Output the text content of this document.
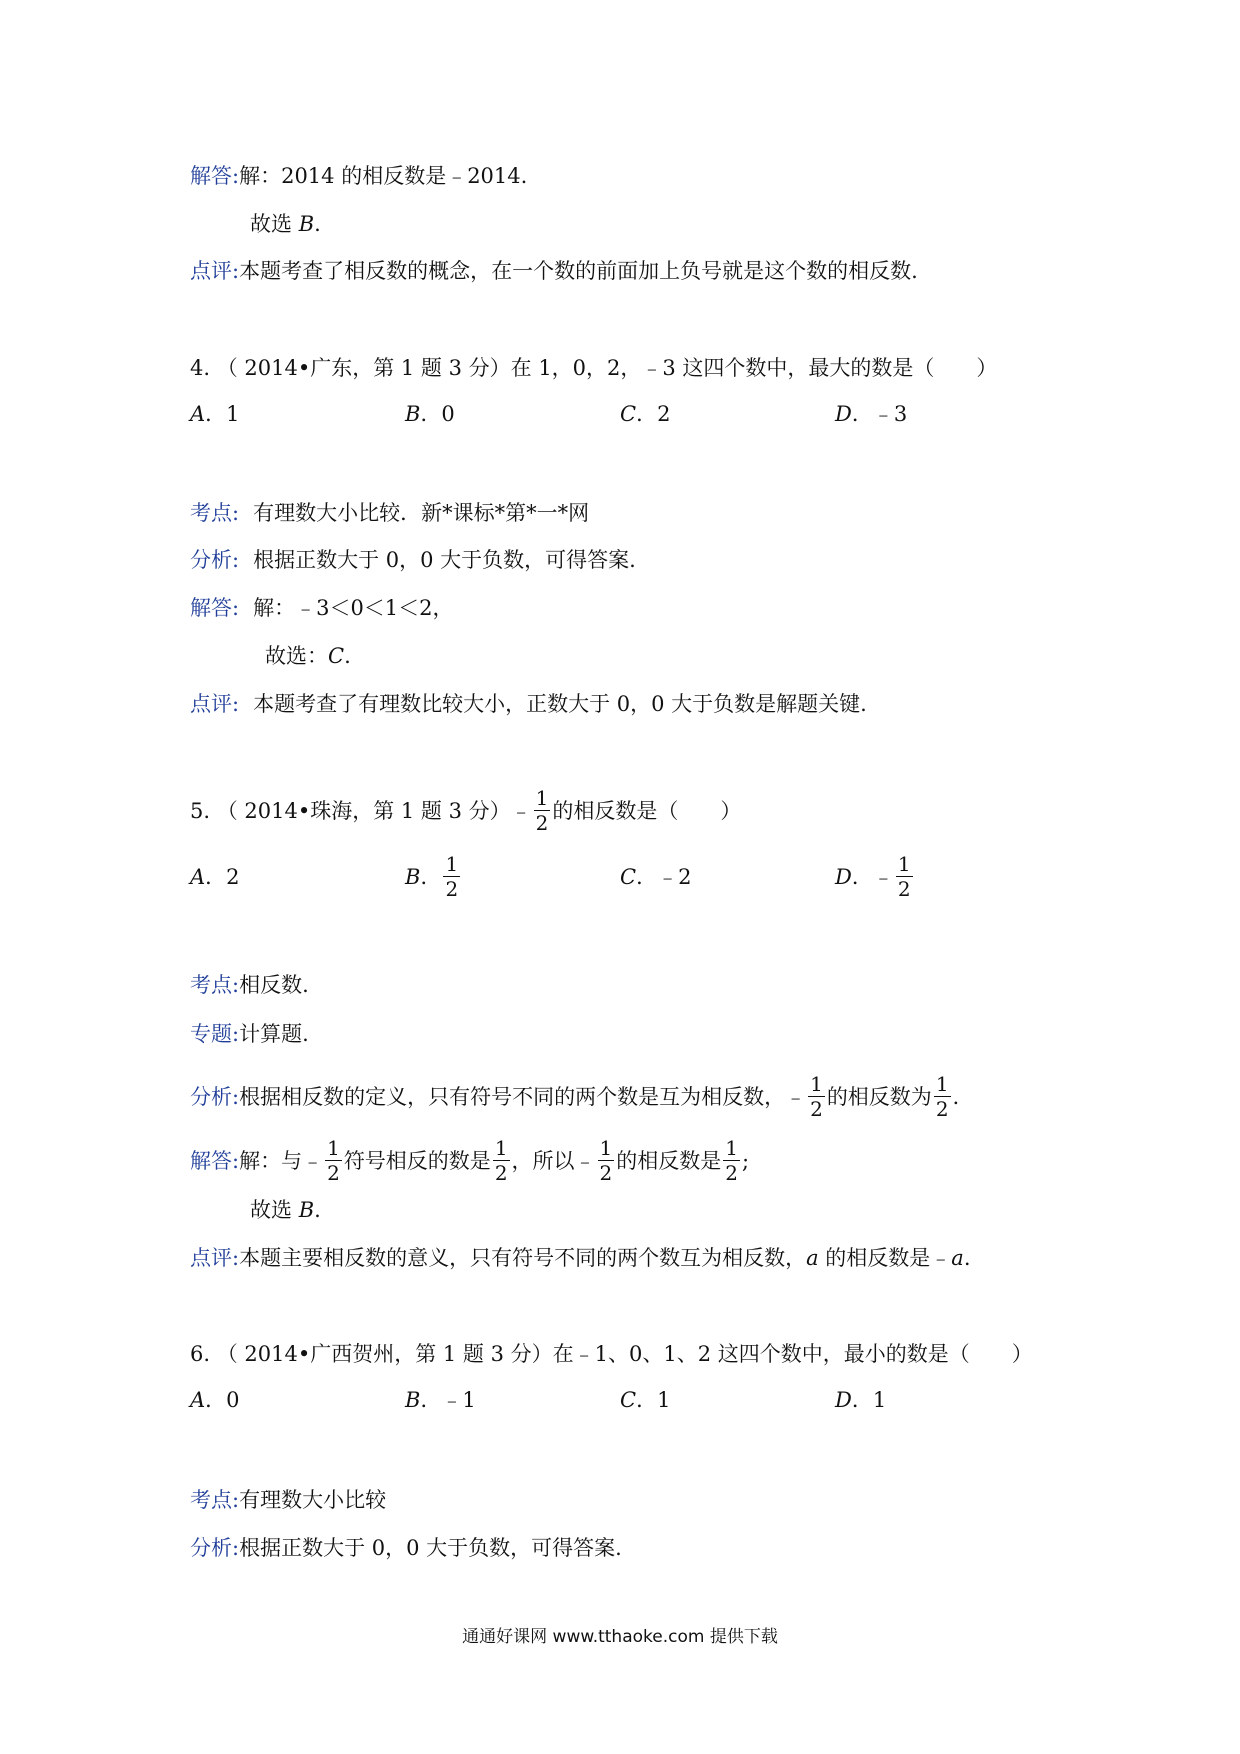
解答:解：2014 的相反数是﹣2014.
故选 B.
点评:本题考查了相反数的概念，在一个数的前面加上负号就是这个数的相反数.
4. （ 2014•广东，第 1 题 3 分）在 1，0，2，﹣3 这四个数中，最大的数是（　　）
A．1	B．0	C．2	D．﹣3
考点: 有理数大小比较．新*课标*第*一*网
分析: 根据正数大于 0，0 大于负数，可得答案.
解答: 解：﹣3＜0＜1＜2，
故选：C.
点评: 本题考查了有理数比较大小，正数大于 0，0 大于负数是解题关键.
5. （ 2014•珠海，第 1 题 3 分）﹣ $\frac{1}{2}$ 的相反数是（　　）
A．2	B． $\frac{1}{2}$	C．﹣2	D．﹣ $\frac{1}{2}$
考点:相反数.
专题:计算题.
分析:根据相反数的定义，只有符号不同的两个数是互为相反数，﹣ $\frac{1}{2}$ 的相反数为 $\frac{1}{2}$ .
解答:解：与﹣ $\frac{1}{2}$ 符号相反的数是 $\frac{1}{2}$ ，所以﹣ $\frac{1}{2}$ 的相反数是 $\frac{1}{2}$ ;
故选 B.
点评:本题主要相反数的意义，只有符号不同的两个数互为相反数，a 的相反数是﹣a.
6. （ 2014•广西贺州，第 1 题 3 分）在﹣1、0、1、2 这四个数中，最小的数是（　　）
A．0	B．﹣1	C．1	D．1
考点:有理数大小比较
分析:根据正数大于 0，0 大于负数，可得答案.
通通好课网 www.tthaoke.com 提供下载
